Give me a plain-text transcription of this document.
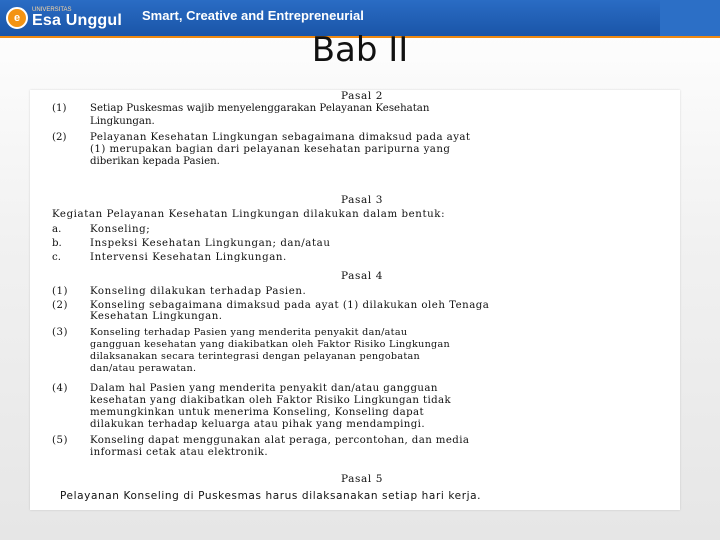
e
UNIVERSITAS
Esa Unggul Smart, Creative and Entrepreneurial
Bab II
Pasal 2
(1)	Setiap Puskesmas wajib menyelenggarakan Pelayanan Kesehatan
Lingkungan.
(2)	Pelayanan Kesehatan Lingkungan sebagaimana dimaksud pada ayat
(1) merupakan bagian dari pelayanan kesehatan paripurna yang
diberikan kepada Pasien.
Pasal 3
Kegiatan Pelayanan Kesehatan Lingkungan dilakukan dalam bentuk:
a.	Konseling;
b.	Inspeksi Kesehatan Lingkungan; dan/atau
c.	Intervensi Kesehatan Lingkungan.
Pasal 4
(1)	Konseling dilakukan terhadap Pasien.
(2)	Konseling sebagaimana dimaksud pada ayat (1) dilakukan oleh Tenaga
Kesehatan Lingkungan.
(3)	Konseling terhadap Pasien yang menderita penyakit dan/atau
gangguan kesehatan yang diakibatkan oleh Faktor Risiko Lingkungan
dilaksanakan secara terintegrasi dengan pelayanan pengobatan
dan/atau perawatan.
(4)	Dalam hal Pasien yang menderita penyakit dan/atau gangguan
kesehatan yang diakibatkan oleh Faktor Risiko Lingkungan tidak
memungkinkan untuk menerima Konseling, Konseling dapat
dilakukan terhadap keluarga atau pihak yang mendampingi.
(5)	Konseling dapat menggunakan alat peraga, percontohan, dan media
informasi cetak atau elektronik.
Pasal 5
Pelayanan Konseling di Puskesmas harus dilaksanakan setiap hari kerja.
